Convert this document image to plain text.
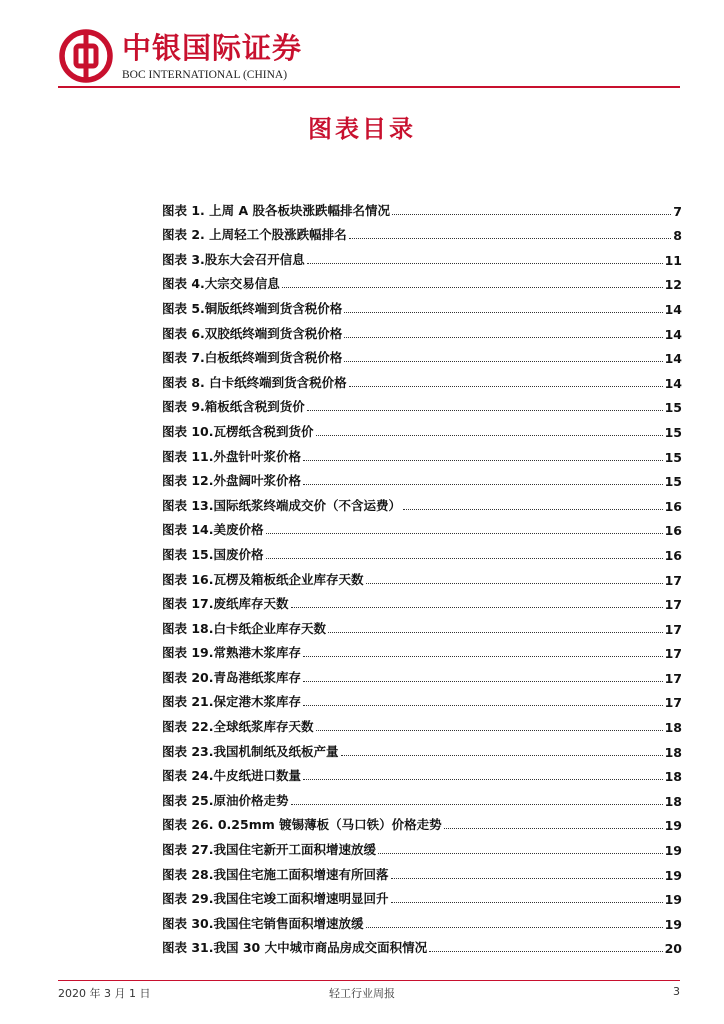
中银国际证券
BOC INTERNATIONAL (CHINA)
图表目录
图表 1. 上周 A 股各板块涨跌幅排名情况	7
图表 2. 上周轻工个股涨跌幅排名	8
图表 3.股东大会召开信息	11
图表 4.大宗交易信息	12
图表 5.铜版纸终端到货含税价格	14
图表 6.双胶纸终端到货含税价格	14
图表 7.白板纸终端到货含税价格	14
图表 8. 白卡纸终端到货含税价格	14
图表 9.箱板纸含税到货价	15
图表 10.瓦楞纸含税到货价	15
图表 11.外盘针叶浆价格	15
图表 12.外盘阔叶浆价格	15
图表 13.国际纸浆终端成交价（不含运费）	16
图表 14.美废价格	16
图表 15.国废价格	16
图表 16.瓦楞及箱板纸企业库存天数	17
图表 17.废纸库存天数	17
图表 18.白卡纸企业库存天数	17
图表 19.常熟港木浆库存	17
图表 20.青岛港纸浆库存	17
图表 21.保定港木浆库存	17
图表 22.全球纸浆库存天数	18
图表 23.我国机制纸及纸板产量	18
图表 24.牛皮纸进口数量	18
图表 25.原油价格走势	18
图表 26. 0.25mm 镀锡薄板（马口铁）价格走势	19
图表 27.我国住宅新开工面积增速放缓	19
图表 28.我国住宅施工面积增速有所回落	19
图表 29.我国住宅竣工面积增速明显回升	19
图表 30.我国住宅销售面积增速放缓	19
图表 31.我国 30 大中城市商品房成交面积情况	20
2020 年 3 月 1 日	轻工行业周报	3
